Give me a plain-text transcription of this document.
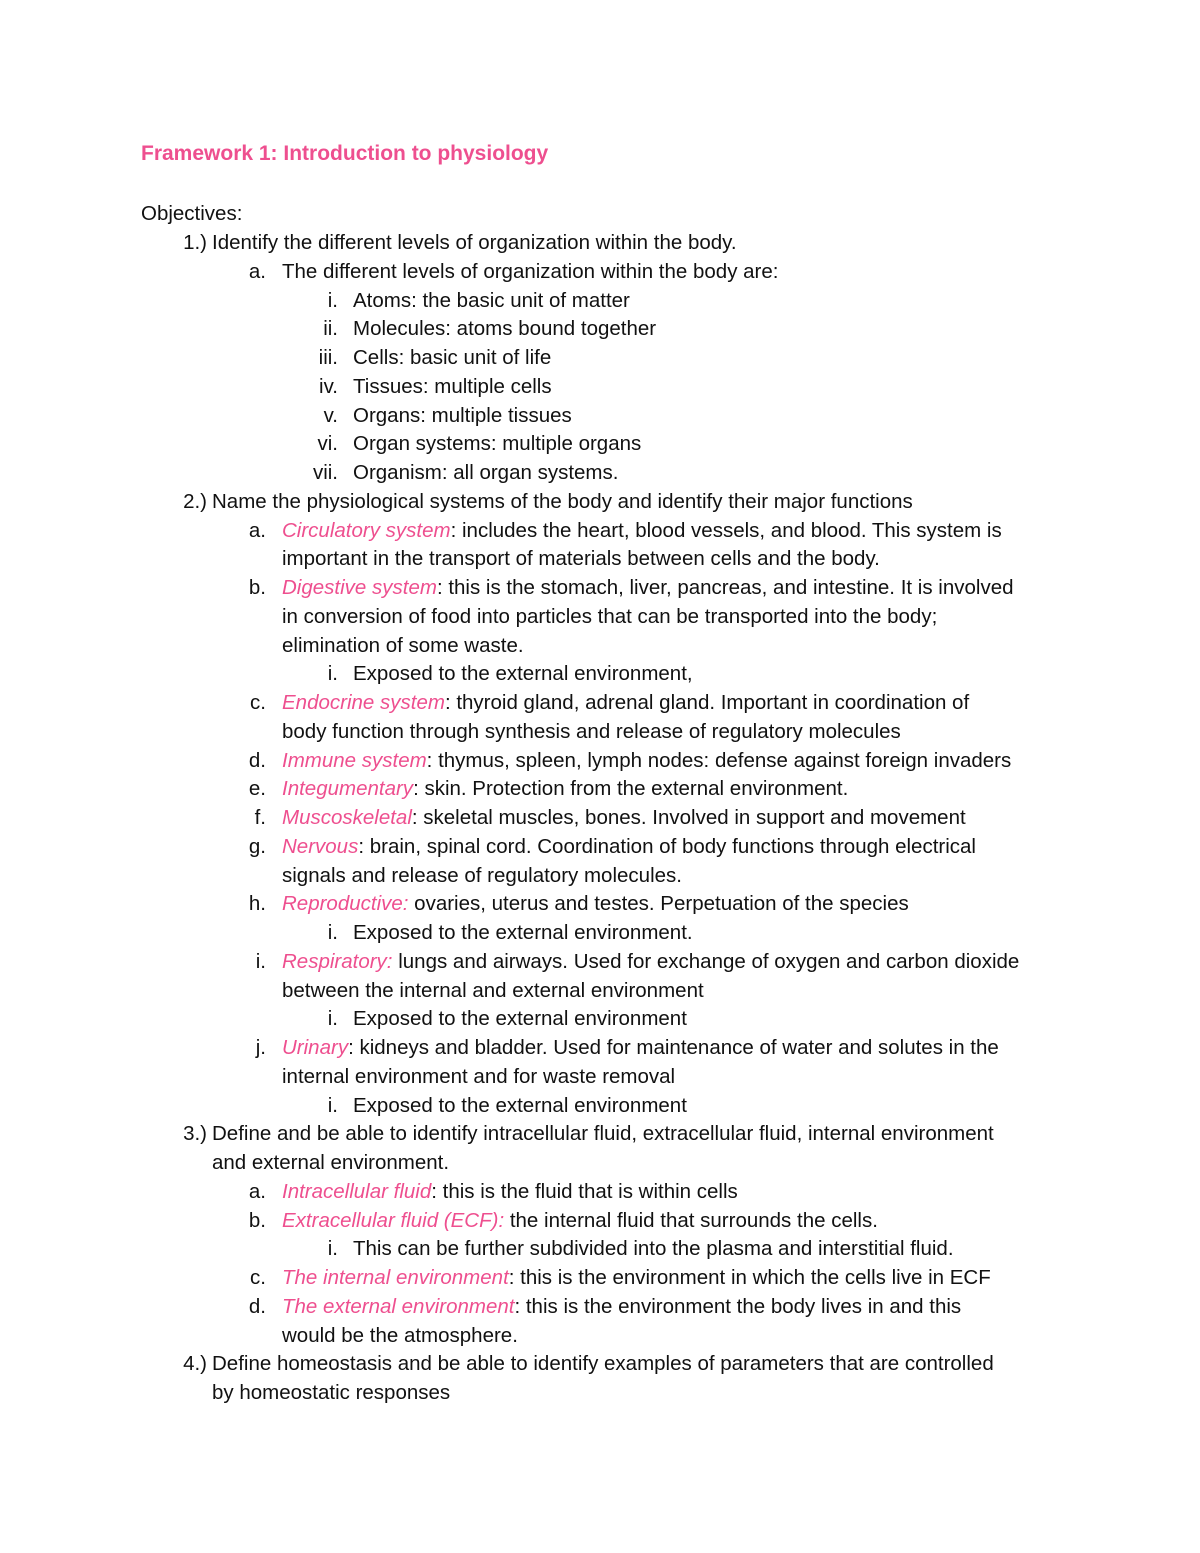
Framework 1: Introduction to physiology
Objectives:
1.) Identify the different levels of organization within the body.
a. The different levels of organization within the body are:
i. Atoms: the basic unit of matter
ii. Molecules: atoms bound together
iii. Cells: basic unit of life
iv. Tissues: multiple cells
v. Organs: multiple tissues
vi. Organ systems: multiple organs
vii. Organism: all organ systems.
2.) Name the physiological systems of the body and identify their major functions
a. Circulatory system: includes the heart, blood vessels, and blood. This system is
important in the transport of materials between cells and the body.
b. Digestive system: this is the stomach, liver, pancreas, and intestine. It is involved
in conversion of food into particles that can be transported into the body;
elimination of some waste.
i. Exposed to the external environment,
c. Endocrine system: thyroid gland, adrenal gland. Important in coordination of
body function through synthesis and release of regulatory molecules
d. Immune system: thymus, spleen, lymph nodes: defense against foreign invaders
e. Integumentary: skin. Protection from the external environment.
f. Muscoskeletal: skeletal muscles, bones. Involved in support and movement
g. Nervous: brain, spinal cord. Coordination of body functions through electrical
signals and release of regulatory molecules.
h. Reproductive: ovaries, uterus and testes. Perpetuation of the species
i. Exposed to the external environment.
i. Respiratory: lungs and airways. Used for exchange of oxygen and carbon dioxide
between the internal and external environment
i. Exposed to the external environment
j. Urinary: kidneys and bladder. Used for maintenance of water and solutes in the
internal environment and for waste removal
i. Exposed to the external environment
3.) Define and be able to identify intracellular fluid, extracellular fluid, internal environment
and external environment.
a. Intracellular fluid: this is the fluid that is within cells
b. Extracellular fluid (ECF): the internal fluid that surrounds the cells.
i. This can be further subdivided into the plasma and interstitial fluid.
c. The internal environment: this is the environment in which the cells live in ECF
d. The external environment: this is the environment the body lives in and this
would be the atmosphere.
4.) Define homeostasis and be able to identify examples of parameters that are controlled
by homeostatic responses
